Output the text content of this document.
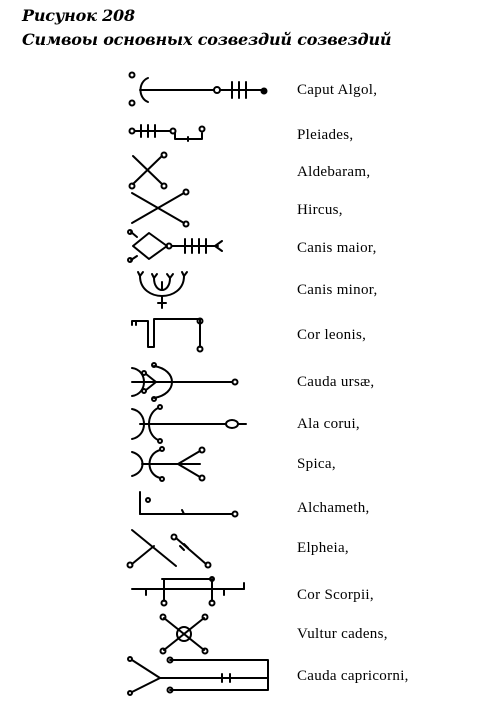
Рисунок 208
Симвоы основных созвездий созвездий
Caput Algol,
Pleiades,
Aldebaram,
Hircus,
Canis maior,
Canis minor,
Cor leonis,
Cauda ursæ,
Ala corui,
Spica,
Alchameth,
Elpheia,
Cor Scorpii,
Vultur cadens,
Cauda capricorni,
